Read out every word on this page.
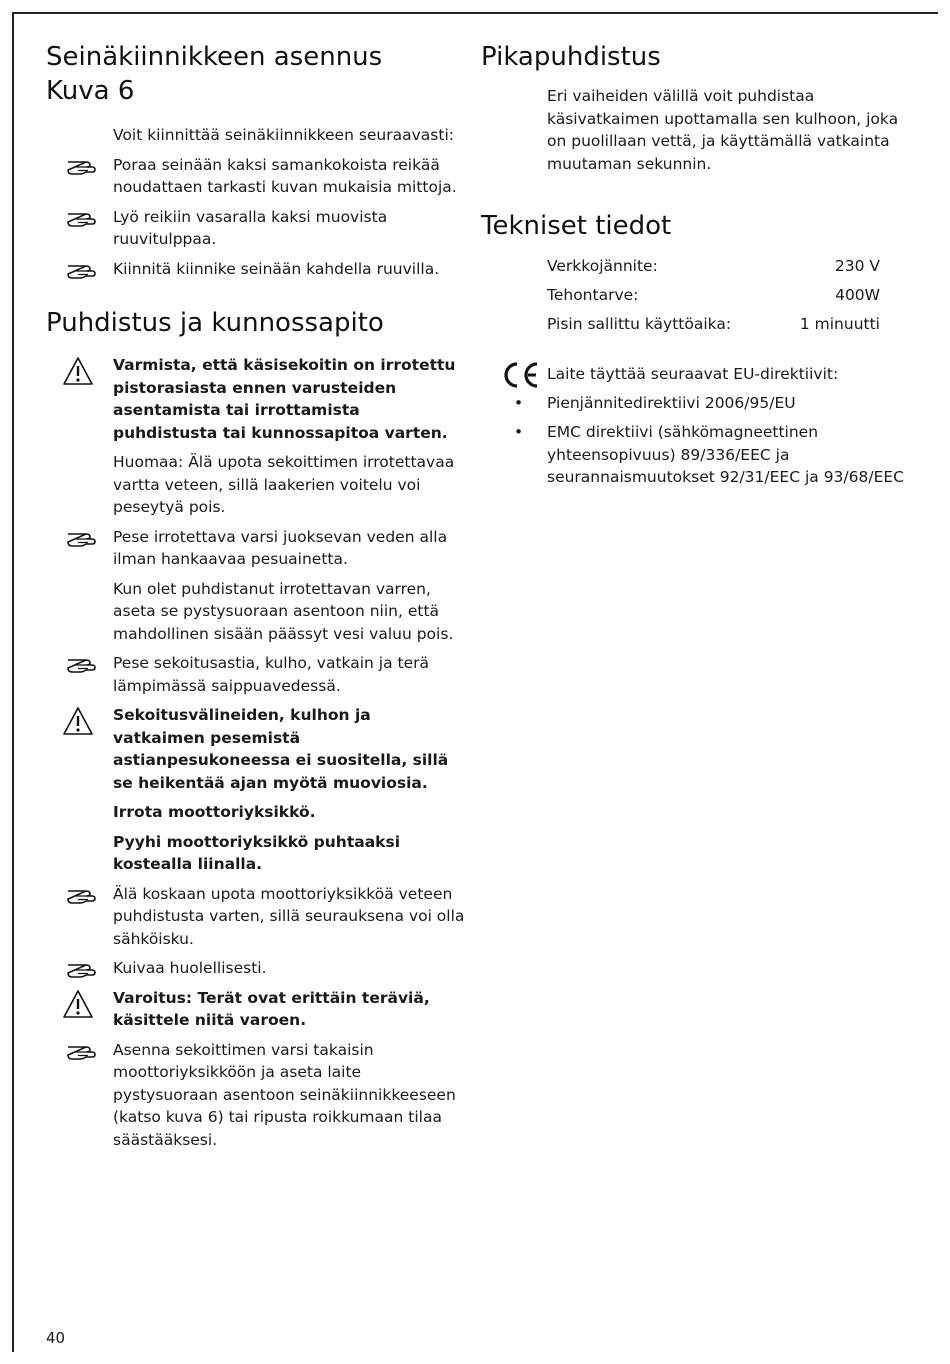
Seinäkiinnikkeen asennus
Kuva 6
Voit kiinnittää seinäkiinnikkeen seuraavasti:
Poraa seinään kaksi samankokoista reikää noudattaen tarkasti kuvan mukaisia mittoja.
Lyö reikiin vasaralla kaksi muovista ruuvitulppaa.
Kiinnitä kiinnike seinään kahdella ruuvilla.
Puhdistus ja kunnossapito
Varmista, että käsisekoitin on irrotettu pistorasiasta ennen varusteiden asentamista tai irrottamista puhdistusta tai kunnossapitoa varten.
Huomaa: Älä upota sekoittimen irrotettavaa vartta veteen, sillä laakerien voitelu voi peseytyä pois.
Pese irrotettava varsi juoksevan veden alla ilman hankaavaa pesuainetta.
Kun olet puhdistanut irrotettavan varren, aseta se pystysuoraan asentoon niin, että mahdollinen sisään päässyt vesi valuu pois.
Pese sekoitusastia, kulho, vatkain ja terä lämpimässä saippuavedessä.
Sekoitusvälineiden, kulhon ja vatkaimen pesemistä astianpesukoneessa ei suositella, sillä se heikentää ajan myötä muoviosia.
Irrota moottoriyksikkö.
Pyyhi moottoriyksikkö puhtaaksi kostealla liinalla.
Älä koskaan upota moottoriyksikköä veteen puhdistusta varten, sillä seurauksena voi olla sähköisku.
Kuivaa huolellisesti.
Varoitus: Terät ovat erittäin teräviä, käsittele niitä varoen.
Asenna sekoittimen varsi takaisin moottoriyksikköön ja aseta laite pystysuoraan asentoon seinäkiinnikkeeseen (katso kuva 6) tai ripusta roikkumaan tilaa säästääksesi.
Pikapuhdistus
Eri vaiheiden välillä voit puhdistaa käsivatkaimen upottamalla sen kulhoon, joka on puolillaan vettä, ja käyttämällä vatkainta muutaman sekunnin.
Tekniset tiedot
Verkkojännite:	230 V
Tehontarve:	400W
Pisin sallittu käyttöaika:	1 minuutti
Laite täyttää seuraavat EU-direktiivit:
• Pienjännitedirektiivi 2006/95/EU
• EMC direktiivi (sähkömagneettinen yhteensopivuus) 89/336/EEC ja seurannaismuutokset 92/31/EEC ja 93/68/EEC
40
